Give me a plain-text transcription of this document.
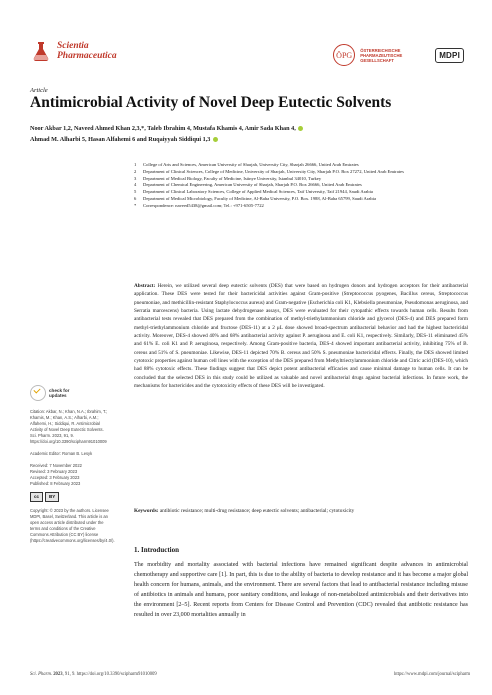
Scientia
Pharmaceutica	ÖPG
ÖSTERREICHISCHE
PHARMAZEUTISCHE
GESELLSCHAFT
MDPI
Article
Antimicrobial Activity of Novel Deep Eutectic Solvents
Noor Akbar 1,2, Naveed Ahmed Khan 2,3,*, Taleb Ibrahim 4, Mustafa Khamis 4, Amir Sada Khan 4,
Ahmad M. Alharbi 5, Hasan Alfahemi 6 and Ruqaiyyah Siddiqui 1,3
1	College of Arts and Sciences, American University of Sharjah, University City, Sharjah 26666, United Arab Emirates
2	Department of Clinical Sciences, College of Medicine, University of Sharjah, University City, Sharjah P.O. Box 27272, United Arab Emirates
3	Department of Medical Biology, Faculty of Medicine, Istinye University, Istanbul 34010, Turkey
4	Department of Chemical Engineering, American University of Sharjah, Sharjah P.O. Box 26666, United Arab Emirates
5	Department of Clinical Laboratory Sciences, College of Applied Medical Sciences, Taif University, Taif 21944, Saudi Arabia
6	Department of Medical Microbiology, Faculty of Medicine, Al-Baha University, P.O. Box. 1988, Al-Baha 65799, Saudi Arabia
*	Correspondence: naveed5438@gmail.com; Tel.: +971-6505-7722
Abstract: Herein, we utilized several deep eutectic solvents (DES) that were based on hydrogen donors and hydrogen acceptors for their antibacterial application. These DES were tested for their bactericidal activities against Gram-positive (Streptococcus pyogenes, Bacillus cereus, Streptococcus pneumoniae, and methicillin-resistant Staphylococcus aureus) and Gram-negative (Escherichia coli K1, Klebsiella pneumoniae, Pseudomonas aeruginosa, and Serratia marcescens) bacteria. Using lactate dehydrogenase assays, DES were evaluated for their cytopathic effects towards human cells. Results from antibacterial tests revealed that DES prepared from the combination of methyl-triethylammonium chloride and glycerol (DES-4) and DES prepared form methyl-triethylammonium chloride and fructose (DES-11) at a 2 μL dose showed broad-spectrum antibacterial behavior and had the highest bactericidal activity. Moreover, DES-4 showed 40% and 68% antibacterial activity against P. aeruginosa and E. coli K1, respectively. Similarly, DES-11 eliminated 45% and 61% E. coli K1 and P. aeruginosa, respectively. Among Gram-positive bacteria, DES-4 showed important antibacterial activity, inhibiting 75% of B. cereus and 51% of S. pneumoniae. Likewise, DES-11 depicted 70% B. cereus and 50% S. pneumoniae bactericidal effects. Finally, the DES showed limited cytotoxic properties against human cell lines with the exception of the DES prepared from Methyltriectylammonium chloride and Citric acid (DES-10), which had 88% cytotoxic effects. These findings suggest that DES depict potent antibacterial efficacies and cause minimal damage to human cells. It can be concluded that the selected DES in this study could be utilized as valuable and novel antibacterial drugs against bacterial infections. In future work, the mechanisms for bactericides and the cytotoxicity effects of these DES will be investigated.
Keywords: antibiotic resistance; multi-drug resistance; deep eutectic solvents; antibacterial; cytotoxicity
check for
updates
Citation: Akbar, N.; Khan, N.A.; Ibrahim, T.; Khamis, M.; Khan, A.S.; Alharbi, A.M.; Alfahemi, H.; Siddiqui, R. Antimicrobial Activity of Novel Deep Eutectic Solvents. Sci. Pharm. 2023, 91, 9. https://doi.org/10.3390/scipharm91010009
Academic Editor: Roman B. Lesyk
Received: 7 November 2022
Revised: 3 February 2023
Accepted: 3 February 2023
Published: 8 February 2023
cc	BY
Copyright: © 2023 by the authors. Licensee MDPI, Basel, Switzerland. This article is an open access article distributed under the terms and conditions of the Creative Commons Attribution (CC BY) license (https://creativecommons.org/licenses/by/4.0/).
1. Introduction
The morbidity and mortality associated with bacterial infections have remained significant despite advances in antimicrobial chemotherapy and supportive care [1]. In part, this is due to the ability of bacteria to develop resistance and it has become a major global health concern for humans, animals, and the environment. There are several factors that lead to antibacterial resistance including misuse of antibiotics in animals and humans, poor sanitary conditions, and leakage of non-metabolized antimicrobials and their derivatives into the environment [2–5]. Recent reports from Centers for Disease Control and Prevention (CDC) revealed that antibiotic resistance has resulted in over 23,000 mortalities annually in
Sci. Pharm. 2023, 91, 9. https://doi.org/10.3390/scipharm91010009	https://www.mdpi.com/journal/scipharm
